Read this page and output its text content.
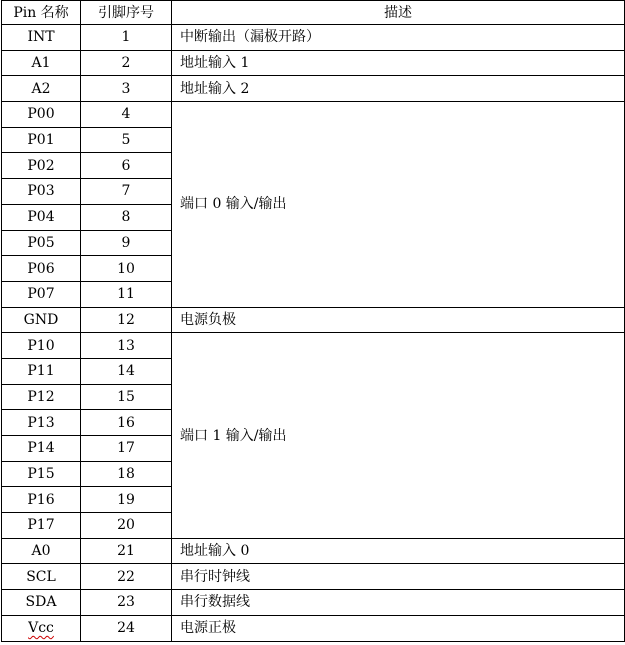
Pin 名称	引脚序号	描述
INT	1	中断输出（漏极开路）
A1	2	地址输入 1
A2	3	地址输入 2
P00	4	端口 0 输入/输出
P01	5	
P02	6	
P03	7	
P04	8	
P05	9	
P06	10	
P07	11	
GND	12	电源负极
P10	13	端口 1 输入/输出
P11	14	
P12	15	
P13	16	
P14	17	
P15	18	
P16	19	
P17	20	
A0	21	地址输入 0
SCL	22	串行时钟线
SDA	23	串行数据线
Vcc	24	电源正极
